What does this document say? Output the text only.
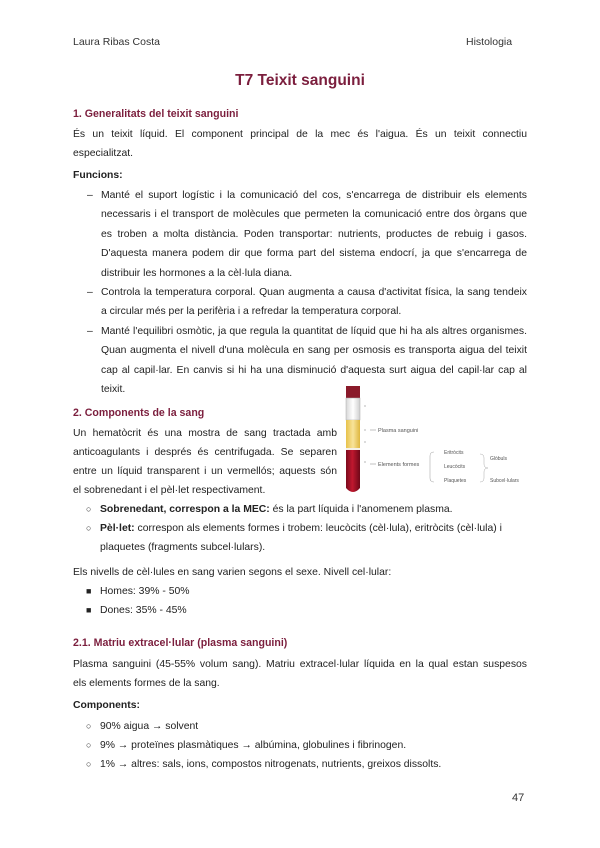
Laura Ribas Costa	Histologia
T7 Teixit sanguini
1. Generalitats del teixit sanguini
És un teixit líquid. El component principal de la mec és l'aigua. És un teixit connectiu
especialitzat.
Funcions:
– Manté el suport logístic i la comunicació del cos, s'encarrega de distribuir els elements necessaris i el transport de molècules que permeten la comunicació entre dos òrgans que es troben a molta distància. Poden transportar: nutrients, productes de rebuig i gasos. D'aquesta manera podem dir que forma part del sistema endocrí, ja que s'encarrega de distribuir les hormones a la cèl·lula diana.
– Controla la temperatura corporal. Quan augmenta a causa d'activitat física, la sang tendeix a circular més per la perifèria i a refredar la temperatura corporal.
– Manté l'equilibri osmòtic, ja que regula la quantitat de líquid que hi ha als altres organismes. Quan augmenta el nivell d'una molècula en sang per osmosis es transporta aigua del teixit cap al capil·lar. En canvis si hi ha una disminució d'aquesta surt aigua del capil·lar cap al teixit.
2. Components de la sang
Un hematòcrit és una mostra de sang tractada amb
anticoagulants i després és centrifugada. Se separen
entre un líquid transparent i un vermellós; aquests són
el sobrenedant i el pèl·let respectivament.
Plasma sanguini
Elements formes
Eritròcits
Leucòcits
Plaquetes
Glòbuls
Subcel·lulars
○ Sobrenedant, correspon a la MEC: és la part líquida i l'anomenem plasma.
○ Pèl·let: correspon als elements formes i trobem: leucòcits (cèl·lula), eritròcits (cèl·lula) i
plaquetes (fragments subcel·lulars).
Els nivells de cèl·lules en sang varien segons el sexe. Nivell cel·lular:
■ Homes: 39% - 50%
■ Dones: 35% - 45%
2.1. Matriu extracel·lular (plasma sanguini)
Plasma sanguini (45-55% volum sang). Matriu extracel·lular líquida en la qual estan suspesos
els elements formes de la sang.
Components:
○ 90% aigua → solvent
○ 9% → proteïnes plasmàtiques → albúmina, globulines i fibrinogen.
○ 1% → altres: sals, ions, compostos nitrogenats, nutrients, greixos dissolts.
47
